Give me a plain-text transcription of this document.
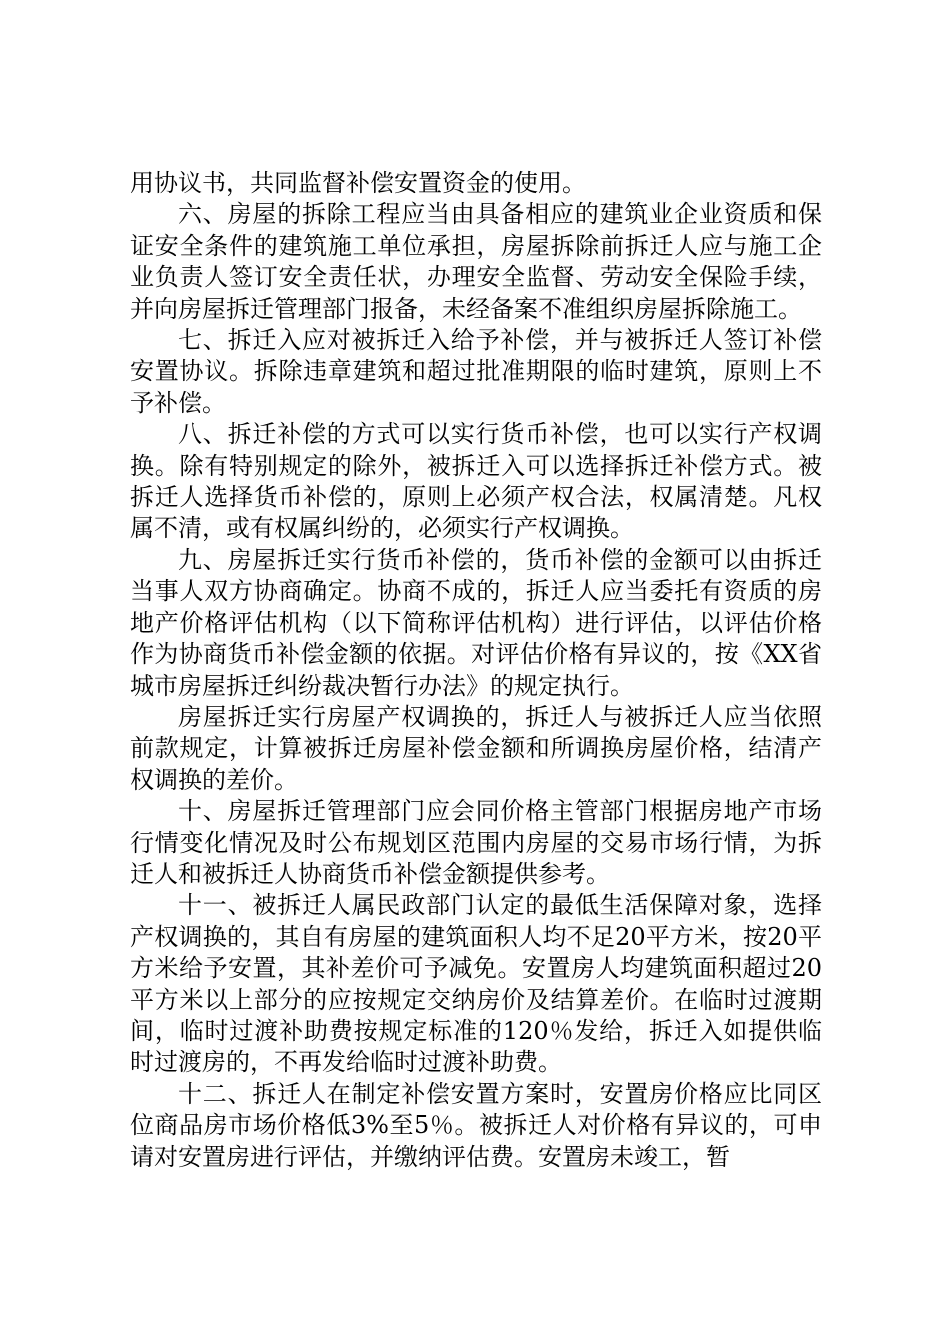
用协议书，共同监督补偿安置资金的使用。

六、房屋的拆除工程应当由具备相应的建筑业企业资质和保证安全条件的建筑施工单位承担，房屋拆除前拆迁人应与施工企业负责人签订安全责任状，办理安全监督、劳动安全保险手续，并向房屋拆迁管理部门报备，未经备案不准组织房屋拆除施工。

七、拆迁入应对被拆迁入给予补偿，并与被拆迁人签订补偿安置协议。拆除违章建筑和超过批准期限的临时建筑，原则上不予补偿。

八、拆迁补偿的方式可以实行货币补偿，也可以实行产权调换。除有特别规定的除外，被拆迁入可以选择拆迁补偿方式。被拆迁人选择货币补偿的，原则上必须产权合法，权属清楚。凡权属不清，或有权属纠纷的，必须实行产权调换。

九、房屋拆迁实行货币补偿的，货币补偿的金额可以由拆迁当事人双方协商确定。协商不成的，拆迁人应当委托有资质的房地产价格评估机构（以下简称评估机构）进行评估，以评估价格作为协商货币补偿金额的依据。对评估价格有异议的，按《XX省城市房屋拆迁纠纷裁决暂行办法》的规定执行。

房屋拆迁实行房屋产权调换的，拆迁人与被拆迁人应当依照前款规定，计算被拆迁房屋补偿金额和所调换房屋价格，结清产权调换的差价。

十、房屋拆迁管理部门应会同价格主管部门根据房地产市场行情变化情况及时公布规划区范围内房屋的交易市场行情，为拆迁人和被拆迁人协商货币补偿金额提供参考。

十一、被拆迁人属民政部门认定的最低生活保障对象，选择产权调换的，其自有房屋的建筑面积人均不足20平方米，按20平方米给予安置，其补差价可予减免。安置房人均建筑面积超过20平方米以上部分的应按规定交纳房价及结算差价。在临时过渡期间，临时过渡补助费按规定标准的120％发给，拆迁入如提供临时过渡房的，不再发给临时过渡补助费。

十二、拆迁人在制定补偿安置方案时，安置房价格应比同区位商品房市场价格低3%至5％。被拆迁人对价格有异议的，可申请对安置房进行评估，并缴纳评估费。安置房未竣工，暂
